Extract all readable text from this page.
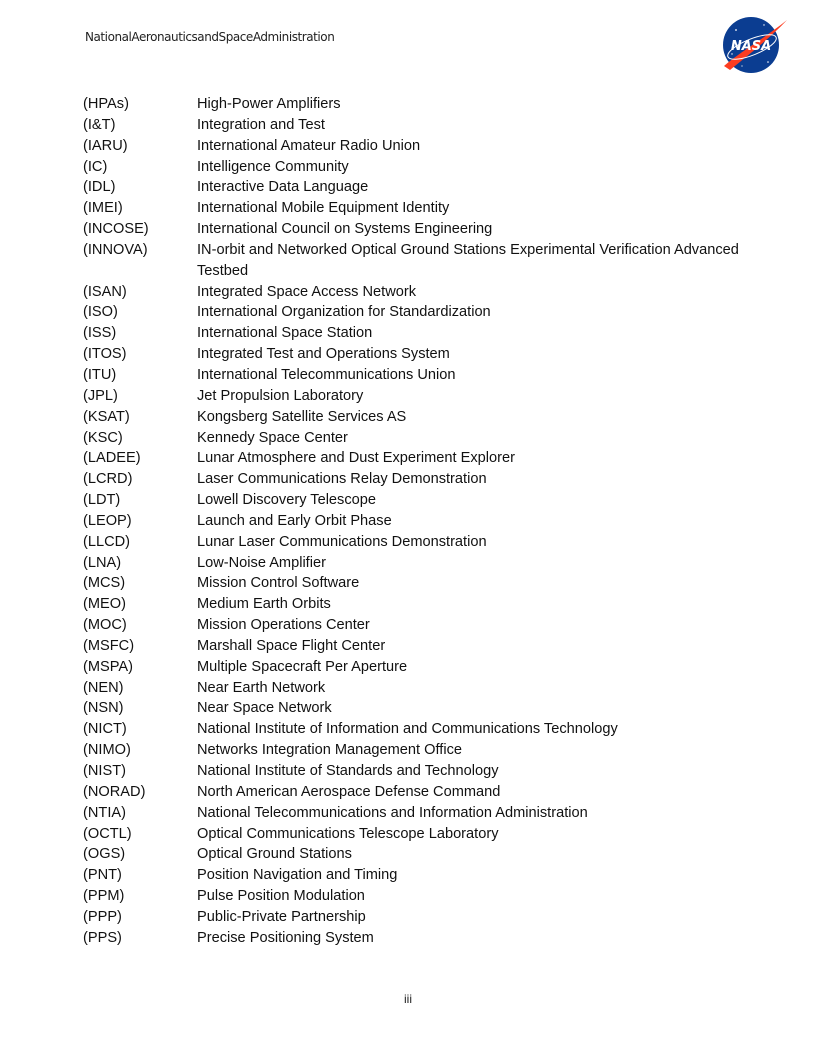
NationalAeronauticsandSpaceAdministration
NASA
(HPAs)	High-Power Amplifiers
(I&T)	Integration and Test
(IARU)	International Amateur Radio Union
(IC)	Intelligence Community
(IDL)	Interactive Data Language
(IMEI)	International Mobile Equipment Identity
(INCOSE)	International Council on Systems Engineering
(INNOVA)	IN-orbit and Networked Optical Ground Stations Experimental Verification Advanced Testbed
(ISAN)	Integrated Space Access Network
(ISO)	International Organization for Standardization
(ISS)	International Space Station
(ITOS)	Integrated Test and Operations System
(ITU)	International Telecommunications Union
(JPL)	Jet Propulsion Laboratory
(KSAT)	Kongsberg Satellite Services AS
(KSC)	Kennedy Space Center
(LADEE)	Lunar Atmosphere and Dust Experiment Explorer
(LCRD)	Laser Communications Relay Demonstration
(LDT)	Lowell Discovery Telescope
(LEOP)	Launch and Early Orbit Phase
(LLCD)	Lunar Laser Communications Demonstration
(LNA)	Low-Noise Amplifier
(MCS)	Mission Control Software
(MEO)	Medium Earth Orbits
(MOC)	Mission Operations Center
(MSFC)	Marshall Space Flight Center
(MSPA)	Multiple Spacecraft Per Aperture
(NEN)	Near Earth Network
(NSN)	Near Space Network
(NICT)	National Institute of Information and Communications Technology
(NIMO)	Networks Integration Management Office
(NIST)	National Institute of Standards and Technology
(NORAD)	North American Aerospace Defense Command
(NTIA)	National Telecommunications and Information Administration
(OCTL)	Optical Communications Telescope Laboratory
(OGS)	Optical Ground Stations
(PNT)	Position Navigation and Timing
(PPM)	Pulse Position Modulation
(PPP)	Public-Private Partnership
(PPS)	Precise Positioning System
iii
